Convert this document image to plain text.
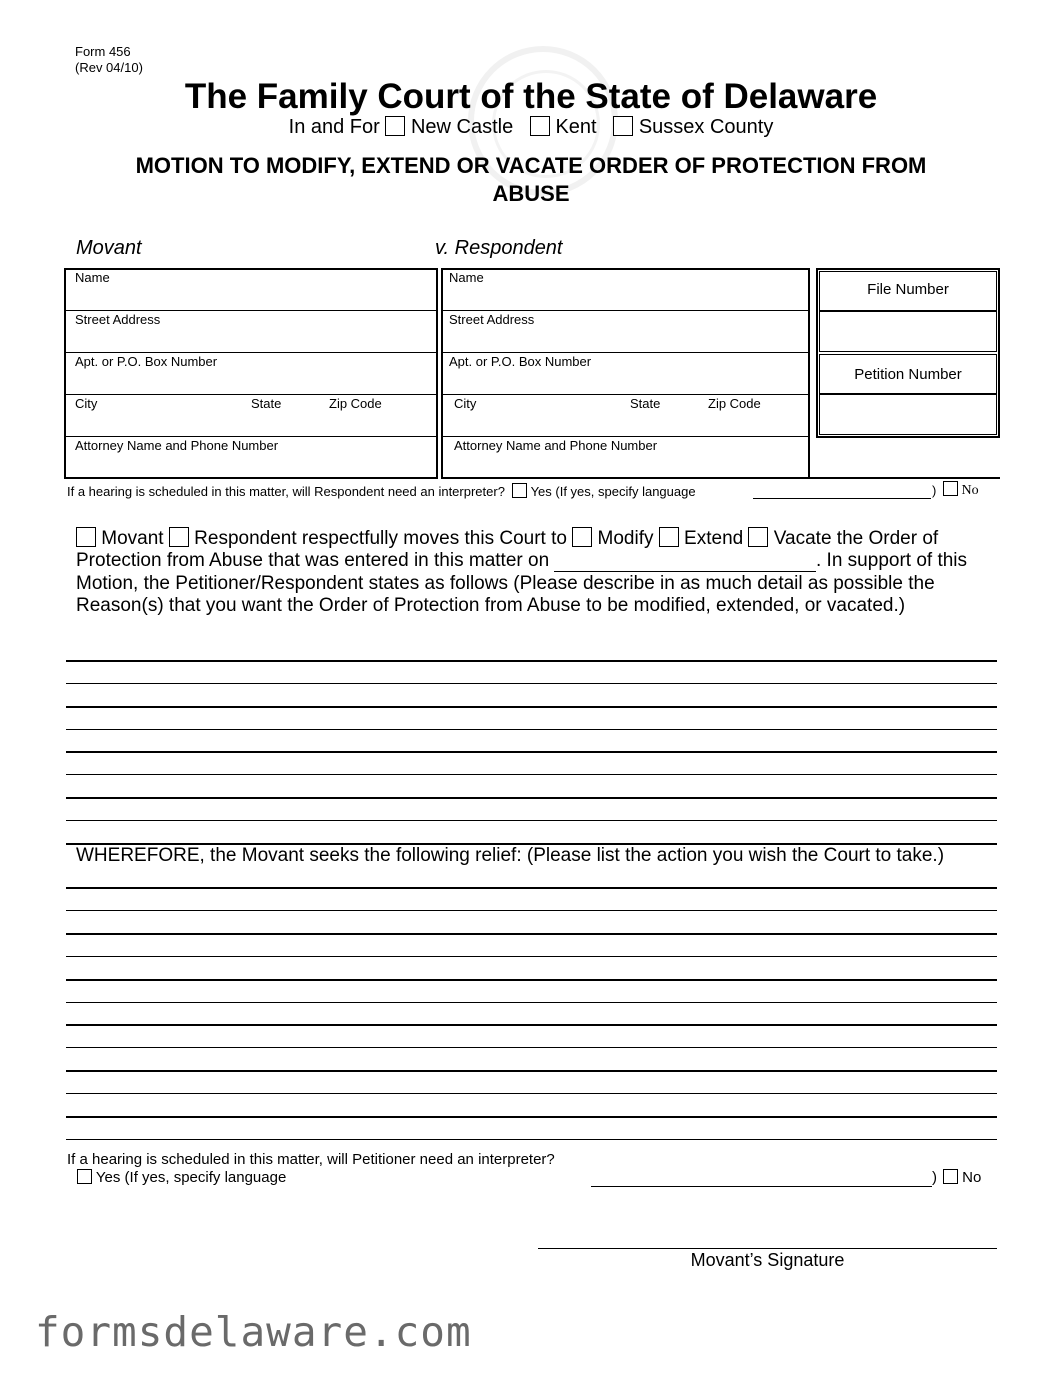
Form 456
(Rev 04/10)
The Family Court of the State of Delaware
In and For New Castle Kent Sussex County
MOTION TO MODIFY, EXTEND OR VACATE ORDER OF PROTECTION FROM
ABUSE
Movant	v. Respondent
Name
Street Address
Apt. or P.O. Box Number
City	State	Zip Code
Attorney Name and Phone Number
Name
Street Address
Apt. or P.O. Box Number
City	State	Zip Code
Attorney Name and Phone Number
File Number
Petition Number
If a hearing is scheduled in this matter, will Respondent need an interpreter? Yes (If yes, specify language	)	No
Movant Respondent respectfully moves this Court to Modify Extend Vacate the Order of
Protection from Abuse that was entered in this matter on	. In support of this
Motion, the Petitioner/Respondent states as follows (Please describe in as much detail as possible the
Reason(s) that you want the Order of Protection from Abuse to be modified, extended, or vacated.)
WHEREFORE, the Movant seeks the following relief: (Please list the action you wish the Court to take.)
If a hearing is scheduled in this matter, will Petitioner need an interpreter?
Yes (If yes, specify language	)	No
Movant’s Signature
formsdelaware.com
